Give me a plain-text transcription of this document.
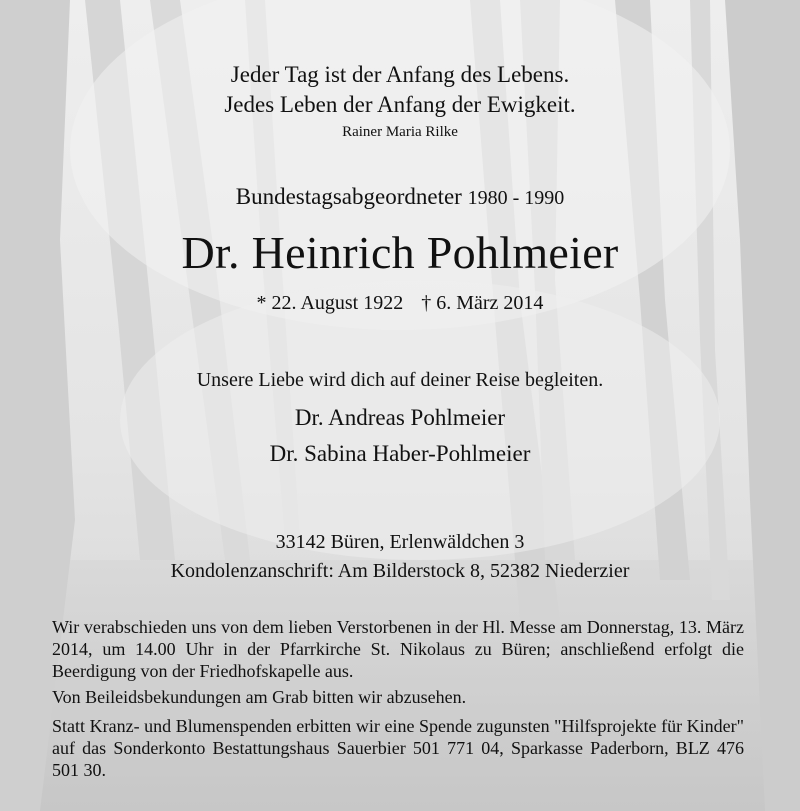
Jeder Tag ist der Anfang des Lebens.
Jedes Leben der Anfang der Ewigkeit.
Rainer Maria Rilke
Bundestagsabgeordneter 1980 - 1990
Dr. Heinrich Pohlmeier
* 22. August 1922 † 6. März 2014
Unsere Liebe wird dich auf deiner Reise begleiten.
Dr. Andreas Pohlmeier
Dr. Sabina Haber-Pohlmeier
33142 Büren, Erlenwäldchen 3
Kondolenzanschrift: Am Bilderstock 8, 52382 Niederzier
Wir verabschieden uns von dem lieben Verstorbenen in der Hl. Messe am Donnerstag, 13. März 2014, um 14.00 Uhr in der Pfarrkirche St. Nikolaus zu Büren; anschließend erfolgt die Beerdigung von der Friedhofskapelle aus.
Von Beileidsbekundungen am Grab bitten wir abzusehen.
Statt Kranz- und Blumenspenden erbitten wir eine Spende zugunsten "Hilfsprojekte für Kinder" auf das Sonderkonto Bestattungshaus Sauerbier 501 771 04, Sparkasse Paderborn, BLZ 476 501 30.
